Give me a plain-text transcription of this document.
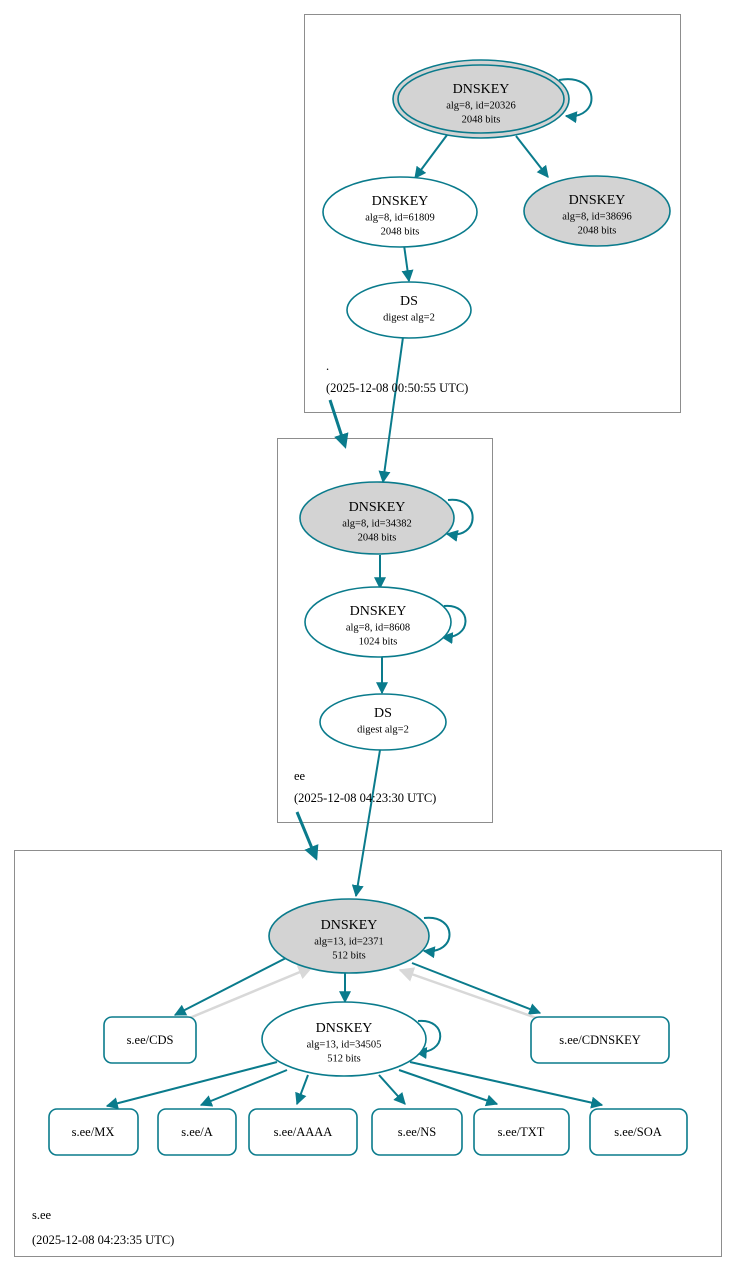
DNSKEY
alg=8, id=20326
2048 bits
DNSKEY
alg=8, id=61809
2048 bits
DNSKEY
alg=8, id=38696
2048 bits
DS
digest alg=2
.
(2025-12-08 00:50:55 UTC)
DNSKEY
alg=8, id=34382
2048 bits
DNSKEY
alg=8, id=8608
1024 bits
DS
digest alg=2
ee
(2025-12-08 04:23:30 UTC)
DNSKEY
alg=13, id=2371
512 bits
DNSKEY
alg=13, id=34505
512 bits
s.ee/CDS	s.ee/CDNSKEY
s.ee/MX	s.ee/A	s.ee/AAAA	s.ee/NS	s.ee/TXT	s.ee/SOA
s.ee
(2025-12-08 04:23:35 UTC)
